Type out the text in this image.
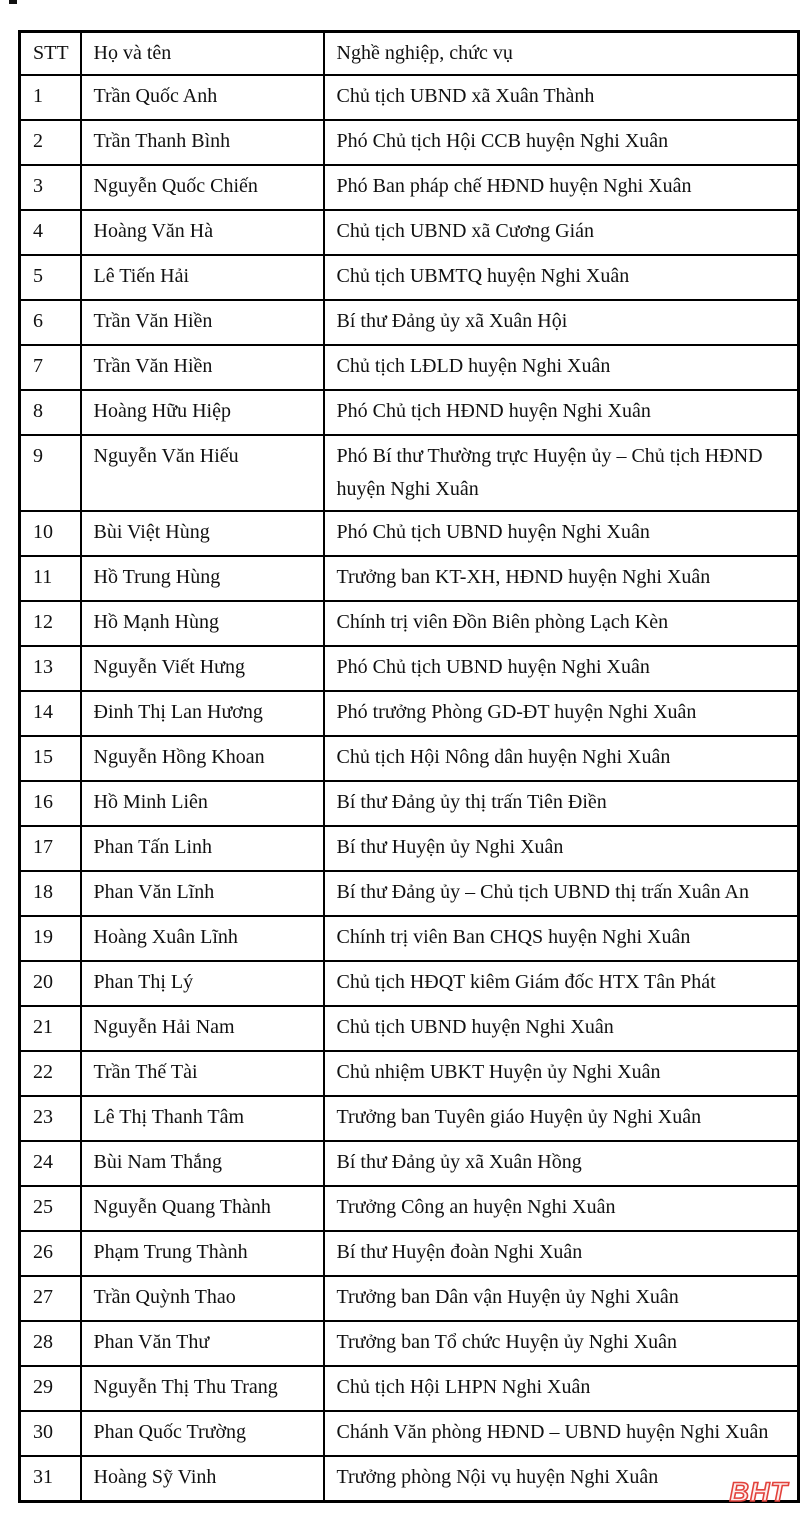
STT	Họ và tên	Nghề nghiệp, chức vụ
1	Trần Quốc Anh	Chủ tịch UBND xã Xuân Thành
2	Trần Thanh Bình	Phó Chủ tịch Hội CCB huyện Nghi Xuân
3	Nguyễn Quốc Chiến	Phó Ban pháp chế HĐND huyện Nghi Xuân
4	Hoàng Văn Hà	Chủ tịch UBND xã Cương Gián
5	Lê Tiến Hải	Chủ tịch UBMTQ huyện Nghi Xuân
6	Trần Văn Hiền	Bí thư Đảng ủy xã Xuân Hội
7	Trần Văn Hiền	Chủ tịch LĐLD huyện Nghi Xuân
8	Hoàng Hữu Hiệp	Phó Chủ tịch HĐND huyện Nghi Xuân
9	Nguyễn Văn Hiếu	Phó Bí thư Thường trực Huyện ủy – Chủ tịch HĐND huyện Nghi Xuân
10	Bùi Việt Hùng	Phó Chủ tịch UBND huyện Nghi Xuân
11	Hồ Trung Hùng	Trưởng ban KT-XH, HĐND huyện Nghi Xuân
12	Hồ Mạnh Hùng	Chính trị viên Đồn Biên phòng Lạch Kèn
13	Nguyễn Viết Hưng	Phó Chủ tịch UBND huyện Nghi Xuân
14	Đinh Thị Lan Hương	Phó trưởng Phòng GD-ĐT huyện Nghi Xuân
15	Nguyễn Hồng Khoan	Chủ tịch Hội Nông dân huyện Nghi Xuân
16	Hồ Minh Liên	Bí thư Đảng ủy thị trấn Tiên Điền
17	Phan Tấn Linh	Bí thư Huyện ủy Nghi Xuân
18	Phan Văn Lĩnh	Bí thư Đảng ủy – Chủ tịch UBND thị trấn Xuân An
19	Hoàng Xuân Lĩnh	Chính trị viên Ban CHQS huyện Nghi Xuân
20	Phan Thị Lý	Chủ tịch HĐQT kiêm Giám đốc HTX Tân Phát
21	Nguyễn Hải Nam	Chủ tịch UBND huyện Nghi Xuân
22	Trần Thế Tài	Chủ nhiệm UBKT Huyện ủy Nghi Xuân
23	Lê Thị Thanh Tâm	Trưởng ban Tuyên giáo Huyện ủy Nghi Xuân
24	Bùi Nam Thắng	Bí thư Đảng ủy xã Xuân Hồng
25	Nguyễn Quang Thành	Trưởng Công an huyện Nghi Xuân
26	Phạm Trung Thành	Bí thư Huyện đoàn Nghi Xuân
27	Trần Quỳnh Thao	Trưởng ban Dân vận Huyện ủy Nghi Xuân
28	Phan Văn Thư	Trưởng ban Tổ chức Huyện ủy Nghi Xuân
29	Nguyễn Thị Thu Trang	Chủ tịch Hội LHPN Nghi Xuân
30	Phan Quốc Trường	Chánh Văn phòng HĐND – UBND huyện Nghi Xuân
31	Hoàng Sỹ Vinh	Trưởng phòng Nội vụ huyện Nghi Xuân	BHT
